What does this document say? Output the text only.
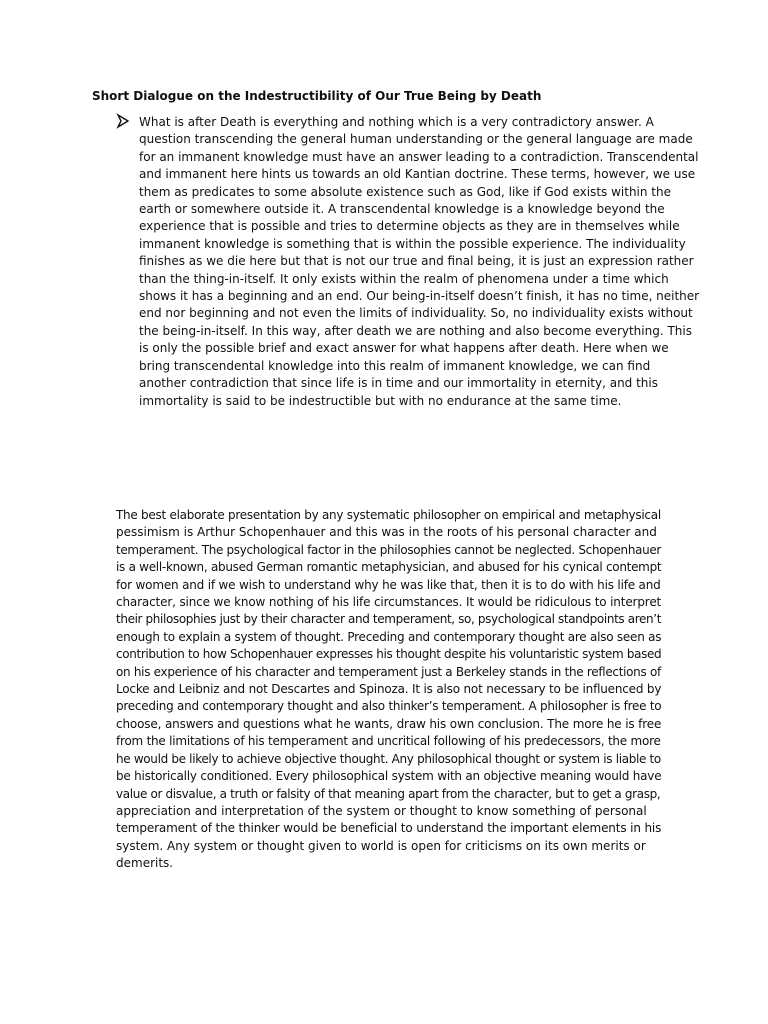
Short Dialogue on the Indestructibility of Our True Being by Death
What is after Death is everything and nothing which is a very contradictory answer. A
question transcending the general human understanding or the general language are made
for an immanent knowledge must have an answer leading to a contradiction. Transcendental
and immanent here hints us towards an old Kantian doctrine. These terms, however, we use
them as predicates to some absolute existence such as God, like if God exists within the
earth or somewhere outside it. A transcendental knowledge is a knowledge beyond the
experience that is possible and tries to determine objects as they are in themselves while
immanent knowledge is something that is within the possible experience. The individuality
finishes as we die here but that is not our true and final being, it is just an expression rather
than the thing-in-itself. It only exists within the realm of phenomena under a time which
shows it has a beginning and an end. Our being-in-itself doesn’t finish, it has no time, neither
end nor beginning and not even the limits of individuality. So, no individuality exists without
the being-in-itself. In this way, after death we are nothing and also become everything. This
is only the possible brief and exact answer for what happens after death. Here when we
bring transcendental knowledge into this realm of immanent knowledge, we can find
another contradiction that since life is in time and our immortality in eternity, and this
immortality is said to be indestructible but with no endurance at the same time.
The best elaborate presentation by any systematic philosopher on empirical and metaphysical
pessimism is Arthur Schopenhauer and this was in the roots of his personal character and
temperament. The psychological factor in the philosophies cannot be neglected. Schopenhauer
is a well-known, abused German romantic metaphysician, and abused for his cynical contempt
for women and if we wish to understand why he was like that, then it is to do with his life and
character, since we know nothing of his life circumstances. It would be ridiculous to interpret
their philosophies just by their character and temperament, so, psychological standpoints aren’t
enough to explain a system of thought. Preceding and contemporary thought are also seen as
contribution to how Schopenhauer expresses his thought despite his voluntaristic system based
on his experience of his character and temperament just a Berkeley stands in the reflections of
Locke and Leibniz and not Descartes and Spinoza. It is also not necessary to be influenced by
preceding and contemporary thought and also thinker’s temperament. A philosopher is free to
choose, answers and questions what he wants, draw his own conclusion. The more he is free
from the limitations of his temperament and uncritical following of his predecessors, the more
he would be likely to achieve objective thought. Any philosophical thought or system is liable to
be historically conditioned. Every philosophical system with an objective meaning would have
value or disvalue, a truth or falsity of that meaning apart from the character, but to get a grasp,
appreciation and interpretation of the system or thought to know something of personal
temperament of the thinker would be beneficial to understand the important elements in his
system. Any system or thought given to world is open for criticisms on its own merits or
demerits.
